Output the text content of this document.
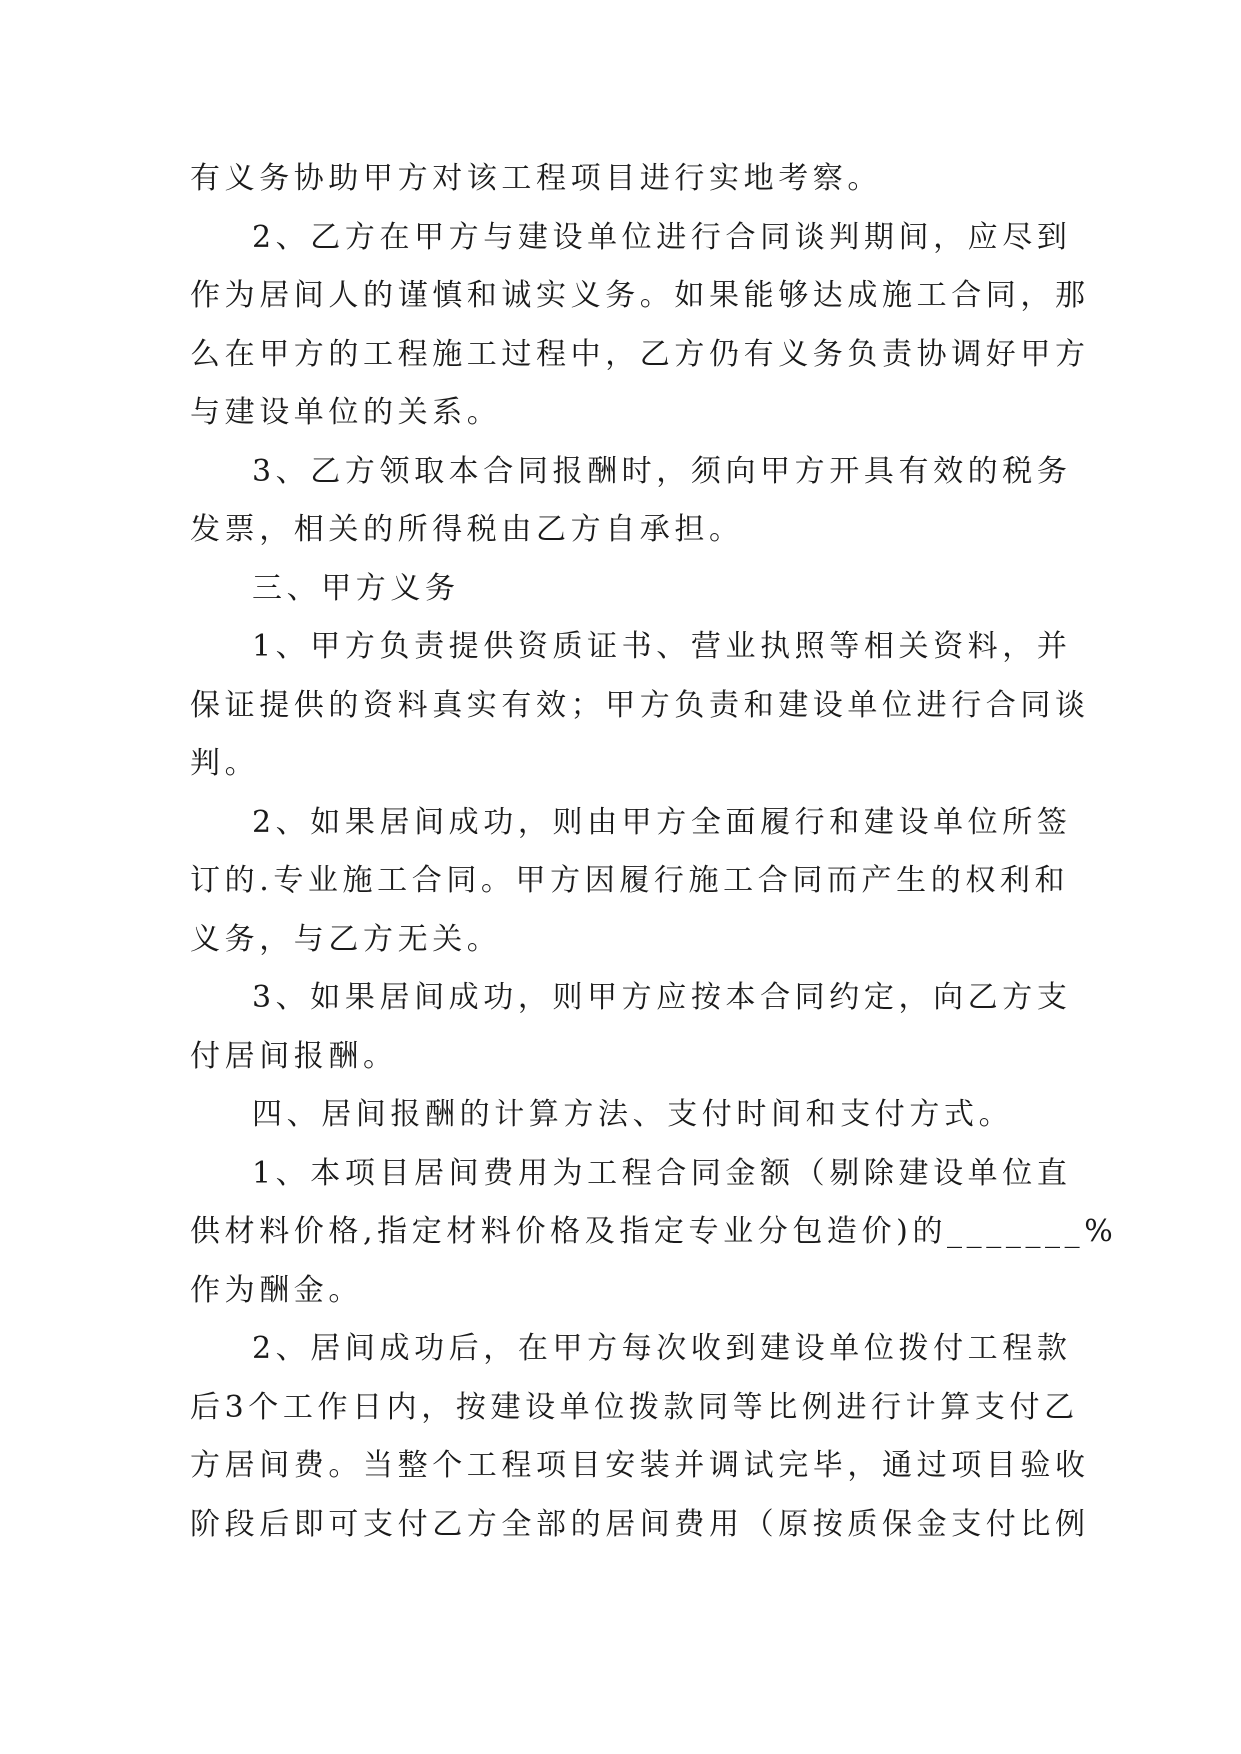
有义务协助甲方对该工程项目进行实地考察。
2、乙方在甲方与建设单位进行合同谈判期间，应尽到
作为居间人的谨慎和诚实义务。如果能够达成施工合同，那
么在甲方的工程施工过程中，乙方仍有义务负责协调好甲方
与建设单位的关系。
3、乙方领取本合同报酬时，须向甲方开具有效的税务
发票，相关的所得税由乙方自承担。
三、甲方义务
1、甲方负责提供资质证书、营业执照等相关资料，并
保证提供的资料真实有效；甲方负责和建设单位进行合同谈
判。
2、如果居间成功，则由甲方全面履行和建设单位所签
订的.专业施工合同。甲方因履行施工合同而产生的权利和
义务，与乙方无关。
3、如果居间成功，则甲方应按本合同约定，向乙方支
付居间报酬。
四、居间报酬的计算方法、支付时间和支付方式。
1、本项目居间费用为工程合同金额（剔除建设单位直
供材料价格,指定材料价格及指定专业分包造价)的_______%
作为酬金。
2、居间成功后，在甲方每次收到建设单位拨付工程款
后3个工作日内，按建设单位拨款同等比例进行计算支付乙
方居间费。当整个工程项目安装并调试完毕，通过项目验收
阶段后即可支付乙方全部的居间费用（原按质保金支付比例
